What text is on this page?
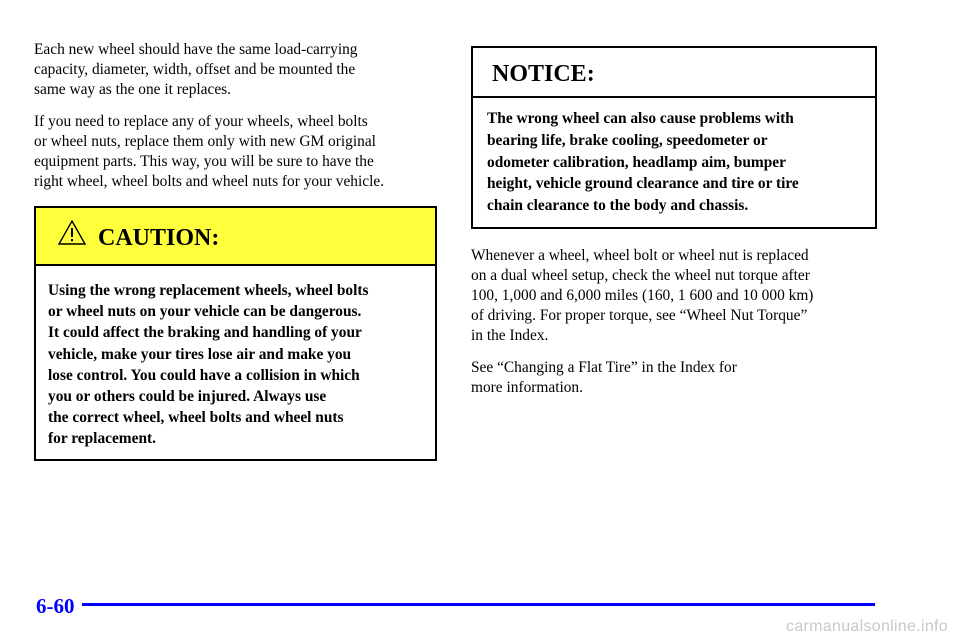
Each new wheel should have the same load-carrying
capacity, diameter, width, offset and be mounted the
same way as the one it replaces.

If you need to replace any of your wheels, wheel bolts
or wheel nuts, replace them only with new GM original
equipment parts. This way, you will be sure to have the
right wheel, wheel bolts and wheel nuts for your vehicle.

CAUTION:
Using the wrong replacement wheels, wheel bolts
or wheel nuts on your vehicle can be dangerous.
It could affect the braking and handling of your
vehicle, make your tires lose air and make you
lose control. You could have a collision in which
you or others could be injured. Always use
the correct wheel, wheel bolts and wheel nuts
for replacement.
NOTICE:
The wrong wheel can also cause problems with
bearing life, brake cooling, speedometer or
odometer calibration, headlamp aim, bumper
height, vehicle ground clearance and tire or tire
chain clearance to the body and chassis.

Whenever a wheel, wheel bolt or wheel nut is replaced
on a dual wheel setup, check the wheel nut torque after
100, 1,000 and 6,000 miles (160, 1 600 and 10 000 km)
of driving. For proper torque, see “Wheel Nut Torque”
in the Index.

See “Changing a Flat Tire” in the Index for
more information.

6-60
carmanualsonline.info
